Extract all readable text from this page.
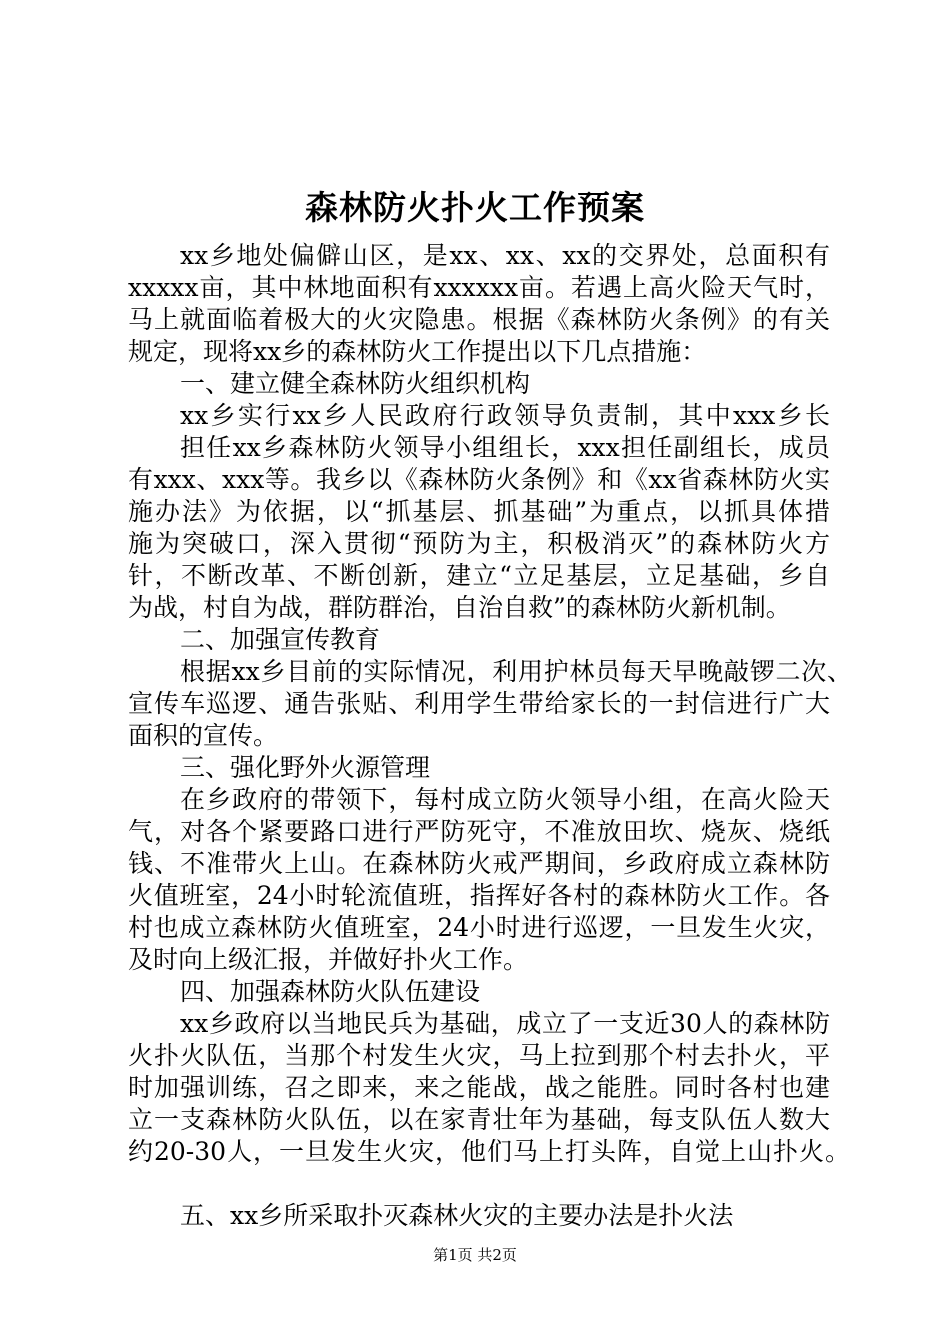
森林防火扑火工作预案
xx乡地处偏僻山区，是xx、xx、xx的交界处，总面积有
xxxxx亩，其中林地面积有xxxxxx亩。若遇上高火险天气时，
马上就面临着极大的火灾隐患。根据《森林防火条例》的有关
规定，现将xx乡的森林防火工作提出以下几点措施：
一、建立健全森林防火组织机构
xx乡实行xx乡人民政府行政领导负责制，其中xxx乡长
担任xx乡森林防火领导小组组长，xxx担任副组长，成员
有xxx、xxx等。我乡以《森林防火条例》和《xx省森林防火实
施办法》为依据，以“抓基层、抓基础”为重点，以抓具体措
施为突破口，深入贯彻“预防为主，积极消灭”的森林防火方
针，不断改革、不断创新，建立“立足基层，立足基础，乡自
为战，村自为战，群防群治，自治自救”的森林防火新机制。
二、加强宣传教育
根据xx乡目前的实际情况，利用护林员每天早晚敲锣二次、
宣传车巡逻、通告张贴、利用学生带给家长的一封信进行广大
面积的宣传。
三、强化野外火源管理
在乡政府的带领下，每村成立防火领导小组，在高火险天
气，对各个紧要路口进行严防死守，不准放田坎、烧灰、烧纸
钱、不准带火上山。在森林防火戒严期间，乡政府成立森林防
火值班室，24小时轮流值班，指挥好各村的森林防火工作。各
村也成立森林防火值班室，24小时进行巡逻，一旦发生火灾，
及时向上级汇报，并做好扑火工作。
四、加强森林防火队伍建设
xx乡政府以当地民兵为基础，成立了一支近30人的森林防
火扑火队伍，当那个村发生火灾，马上拉到那个村去扑火，平
时加强训练，召之即来，来之能战，战之能胜。同时各村也建
立一支森林防火队伍，以在家青壮年为基础，每支队伍人数大
约20-30人，一旦发生火灾，他们马上打头阵，自觉上山扑火。
五、xx乡所采取扑灭森林火灾的主要办法是扑火法
第1页 共2页
